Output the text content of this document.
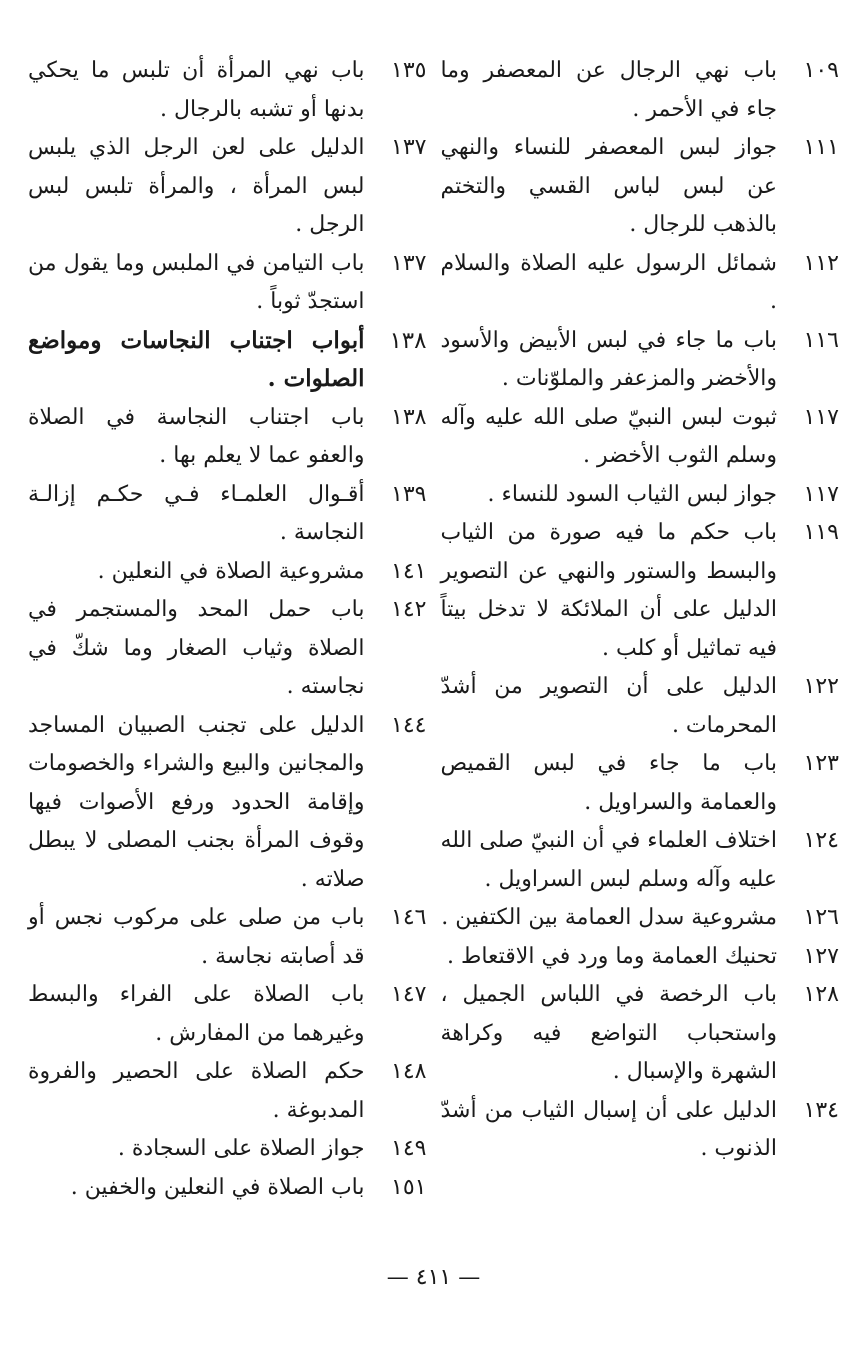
١٠٩
باب نهي الرجال عن المعصفر وما جاء في الأحمر .
١١١
جواز لبس المعصفر للنساء والنهي عن لبس لباس القسي والتختم بالذهب للرجال .
١١٢
شمائل الرسول عليه الصلاة والسلام .
١١٦
باب ما جاء في لبس الأبيض والأسود والأخضر والمزعفر والملوّنات .
١١٧
ثبوت لبس النبيّ صلى الله عليه وآله وسلم الثوب الأخضر .
١١٧
جواز لبس الثياب السود للنساء .
١١٩
باب حكم ما فيه صورة من الثياب والبسط والستور والنهي عن التصوير الدليل على أن الملائكة لا تدخل بيتاً فيه تماثيل أو كلب .
١٢٢
الدليل على أن التصوير من أشدّ المحرمات .
١٢٣
باب ما جاء في لبس القميص والعمامة والسراويل .
١٢٤
اختلاف العلماء في أن النبيّ صلى الله عليه وآله وسلم لبس السراويل .
١٢٦
مشروعية سدل العمامة بين الكتفين .
١٢٧
تحنيك العمامة وما ورد في الاقتعاط .
١٢٨
باب الرخصة في اللباس الجميل ، واستحباب التواضع فيه وكراهة الشهرة والإسبال .
١٣٤
الدليل على أن إسبال الثياب من أشدّ الذنوب .
١٣٥
باب نهي المرأة أن تلبس ما يحكي بدنها أو تشبه بالرجال .
١٣٧
الدليل على لعن الرجل الذي يلبس لبس المرأة ، والمرأة تلبس لبس الرجل .
١٣٧
باب التيامن في الملبس وما يقول من استجدّ ثوباً .
١٣٨
أبواب اجتناب النجاسات ومواضع الصلوات .
١٣٨
باب اجتناب النجاسة في الصلاة والعفو عما لا يعلم بها .
١٣٩
أقـوال العلمـاء فـي حكـم إزالـة النجاسة .
١٤١
مشروعية الصلاة في النعلين .
١٤٢
باب حمل المحد والمستجمر في الصلاة وثياب الصغار وما شكّ في نجاسته .
١٤٤
الدليل على تجنب الصبيان المساجد والمجانين والبيع والشراء والخصومات وإقامة الحدود ورفع الأصوات فيها وقوف المرأة بجنب المصلى لا يبطل صلاته .
١٤٦
باب من صلى على مركوب نجس أو قد أصابته نجاسة .
١٤٧
باب الصلاة على الفراء والبسط وغيرهما من المفارش .
١٤٨
حكم الصلاة على الحصير والفروة المدبوغة .
١٤٩
جواز الصلاة على السجادة .
١٥١
باب الصلاة في النعلين والخفين .
— ٤١١ —
